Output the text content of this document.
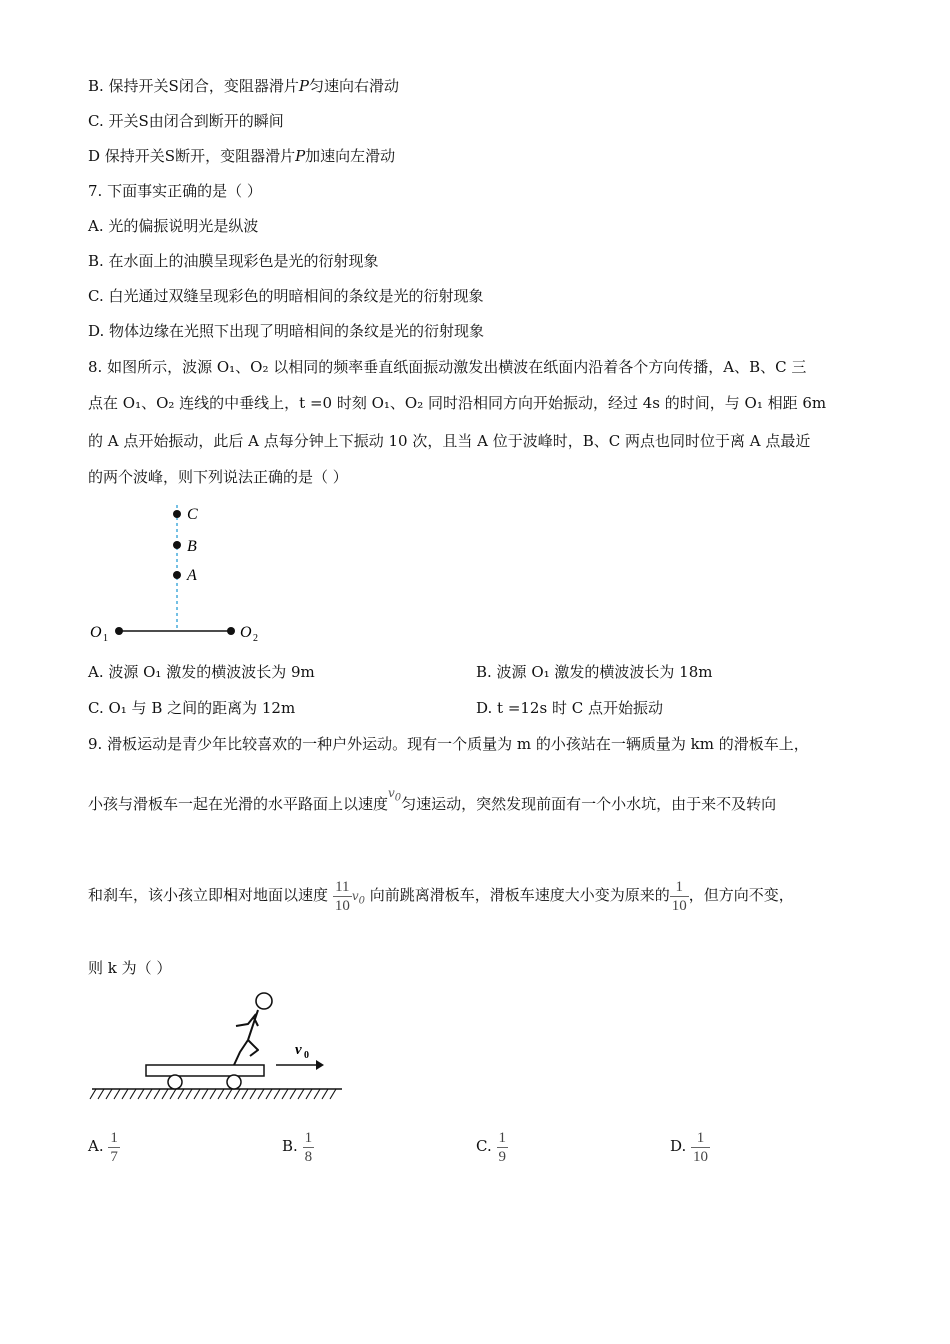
B. 保持开关S闭合，变阻器滑片P匀速向右滑动
C. 开关S由闭合到断开的瞬间
D 保持开关S断开，变阻器滑片P加速向左滑动
7. 下面事实正确的是（ ）
A. 光的偏振说明光是纵波
B. 在水面上的油膜呈现彩色是光的衍射现象
C. 白光通过双缝呈现彩色的明暗相间的条纹是光的衍射现象
D. 物体边缘在光照下出现了明暗相间的条纹是光的衍射现象
8. 如图所示，波源 O₁、O₂ 以相同的频率垂直纸面振动激发出横波在纸面内沿着各个方向传播，A、B、C 三
点在 O₁、O₂ 连线的中垂线上，t =0 时刻 O₁、O₂ 同时沿相同方向开始振动，经过 4s 的时间，与 O₁ 相距 6m
的 A 点开始振动，此后 A 点每分钟上下振动 10 次，且当 A 位于波峰时，B、C 两点也同时位于离 A 点最近
的两个波峰，则下列说法正确的是（ ）
C
B
A
O 1	O 2
A. 波源 O₁ 激发的横波波长为 9m	B. 波源 O₁ 激发的横波波长为 18m
C. O₁ 与 B 之间的距离为 12m	D. t =12s 时 C 点开始振动
9. 滑板运动是青少年比较喜欢的一种户外运动。现有一个质量为 m 的小孩站在一辆质量为 km 的滑板车上，
小孩与滑板车一起在光滑的水平路面上以速度$^{v_0}$匀速运动，突然发现前面有一个小水坑，由于来不及转向
和刹车，该小孩立即相对地面 .以速度 $\frac{11}{10} v_0$ 向前跳离滑板车，滑板车速度大小变为原来的 $\frac{1}{10}$ ，但方向不变，
则 k 为（ ）
v 0
A. $\frac{1}{7}$	B. $\frac{1}{8}$	C. $\frac{1}{9}$	D. $\frac{1}{10}$
